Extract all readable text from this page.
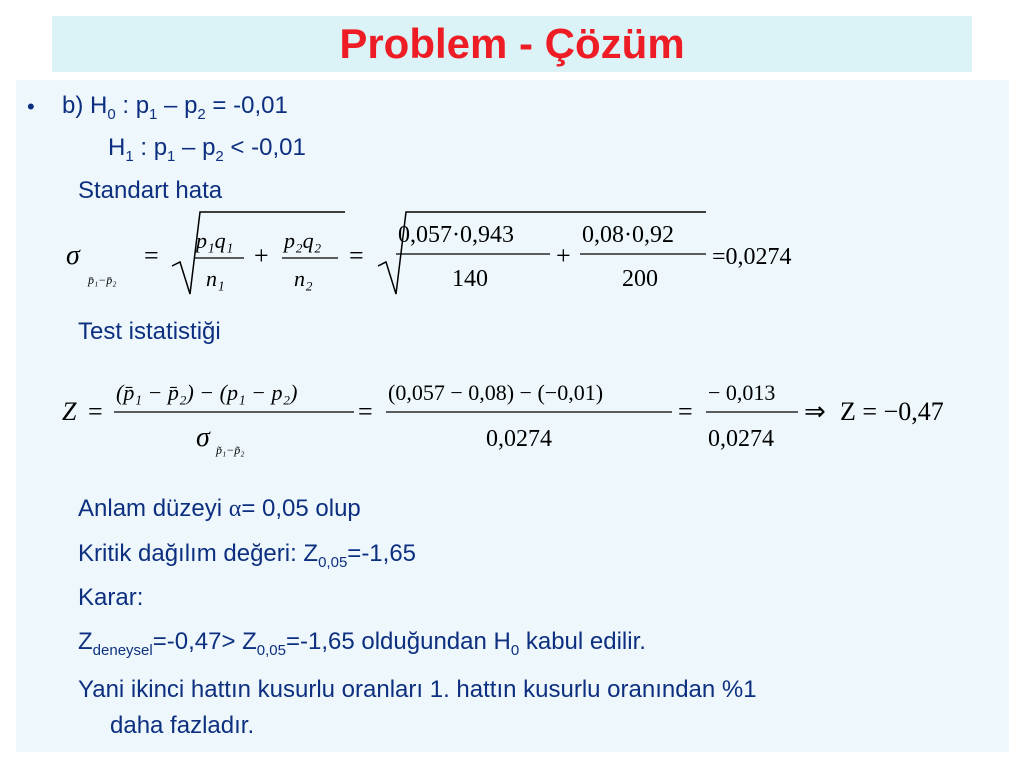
Problem - Çözüm
• b) $H_0$ : $p_1 - p_2 = -0,01$
$H_1$ : $p_1 - p_2 < -0,01$
Standart hata
σ
p̄₁−p̄₂
=
p₁q₁
n₁
+
p₂q₂
n₂
=
0,057·0,943
140
+
0,08·0,92
200
=0,0274
Test istatistiği
Z =
(p̄₁ − p̄₂) − (p₁ − p₂)
σ p̃₁−p̃₂
=
(0,057 − 0,08) − (−0,01)
0,0274
=
− 0,013
0,0274
⇒ Z = −0,47
Anlam düzeyi α= 0,05 olup
Kritik dağılım değeri: $Z_{0,05}=-1,65$
Karar:
$Z_{deneysel}=-0,47> Z_{0,05}=-1,65$ olduğundan $H_0$ kabul edilir.
Yani ikinci hattın kusurlu oranları 1. hattın kusurlu oranından %1
daha fazladır.
